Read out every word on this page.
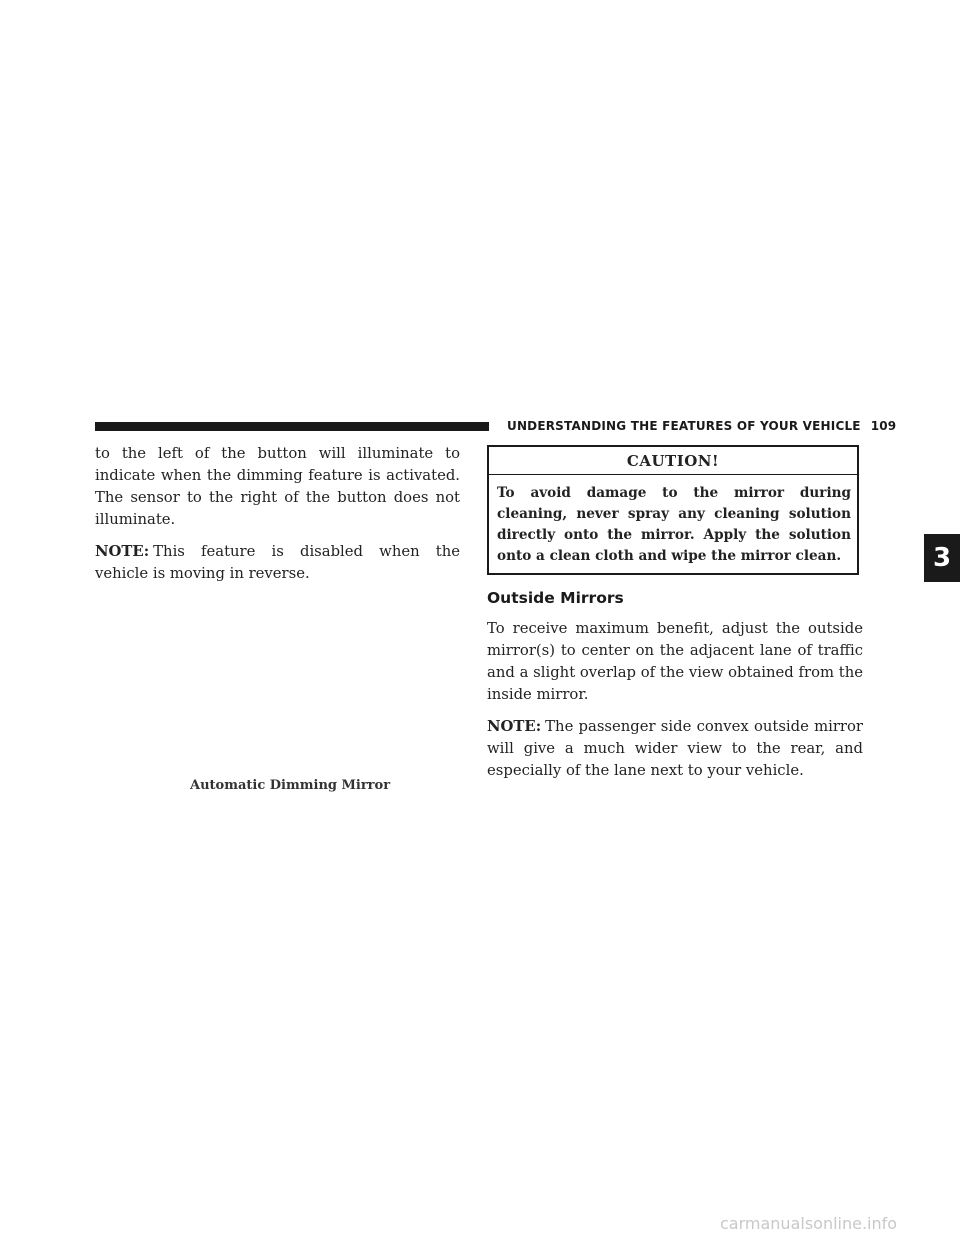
UNDERSTANDING THE FEATURES OF YOUR VEHICLE 109

to the left of the button will illuminate to indicate when the dimming feature is activated. The sensor to the right of the button does not illuminate.

NOTE: This feature is disabled when the vehicle is moving in reverse.

Automatic Dimming Mirror
CAUTION!
To avoid damage to the mirror during cleaning, never spray any cleaning solution directly onto the mirror. Apply the solution onto a clean cloth and wipe the mirror clean.
Outside Mirrors

To receive maximum benefit, adjust the outside mirror(s) to center on the adjacent lane of traffic and a slight overlap of the view obtained from the inside mirror.

NOTE: The passenger side convex outside mirror will give a much wider view to the rear, and especially of the lane next to your vehicle.

3
carmanualsonline.info
